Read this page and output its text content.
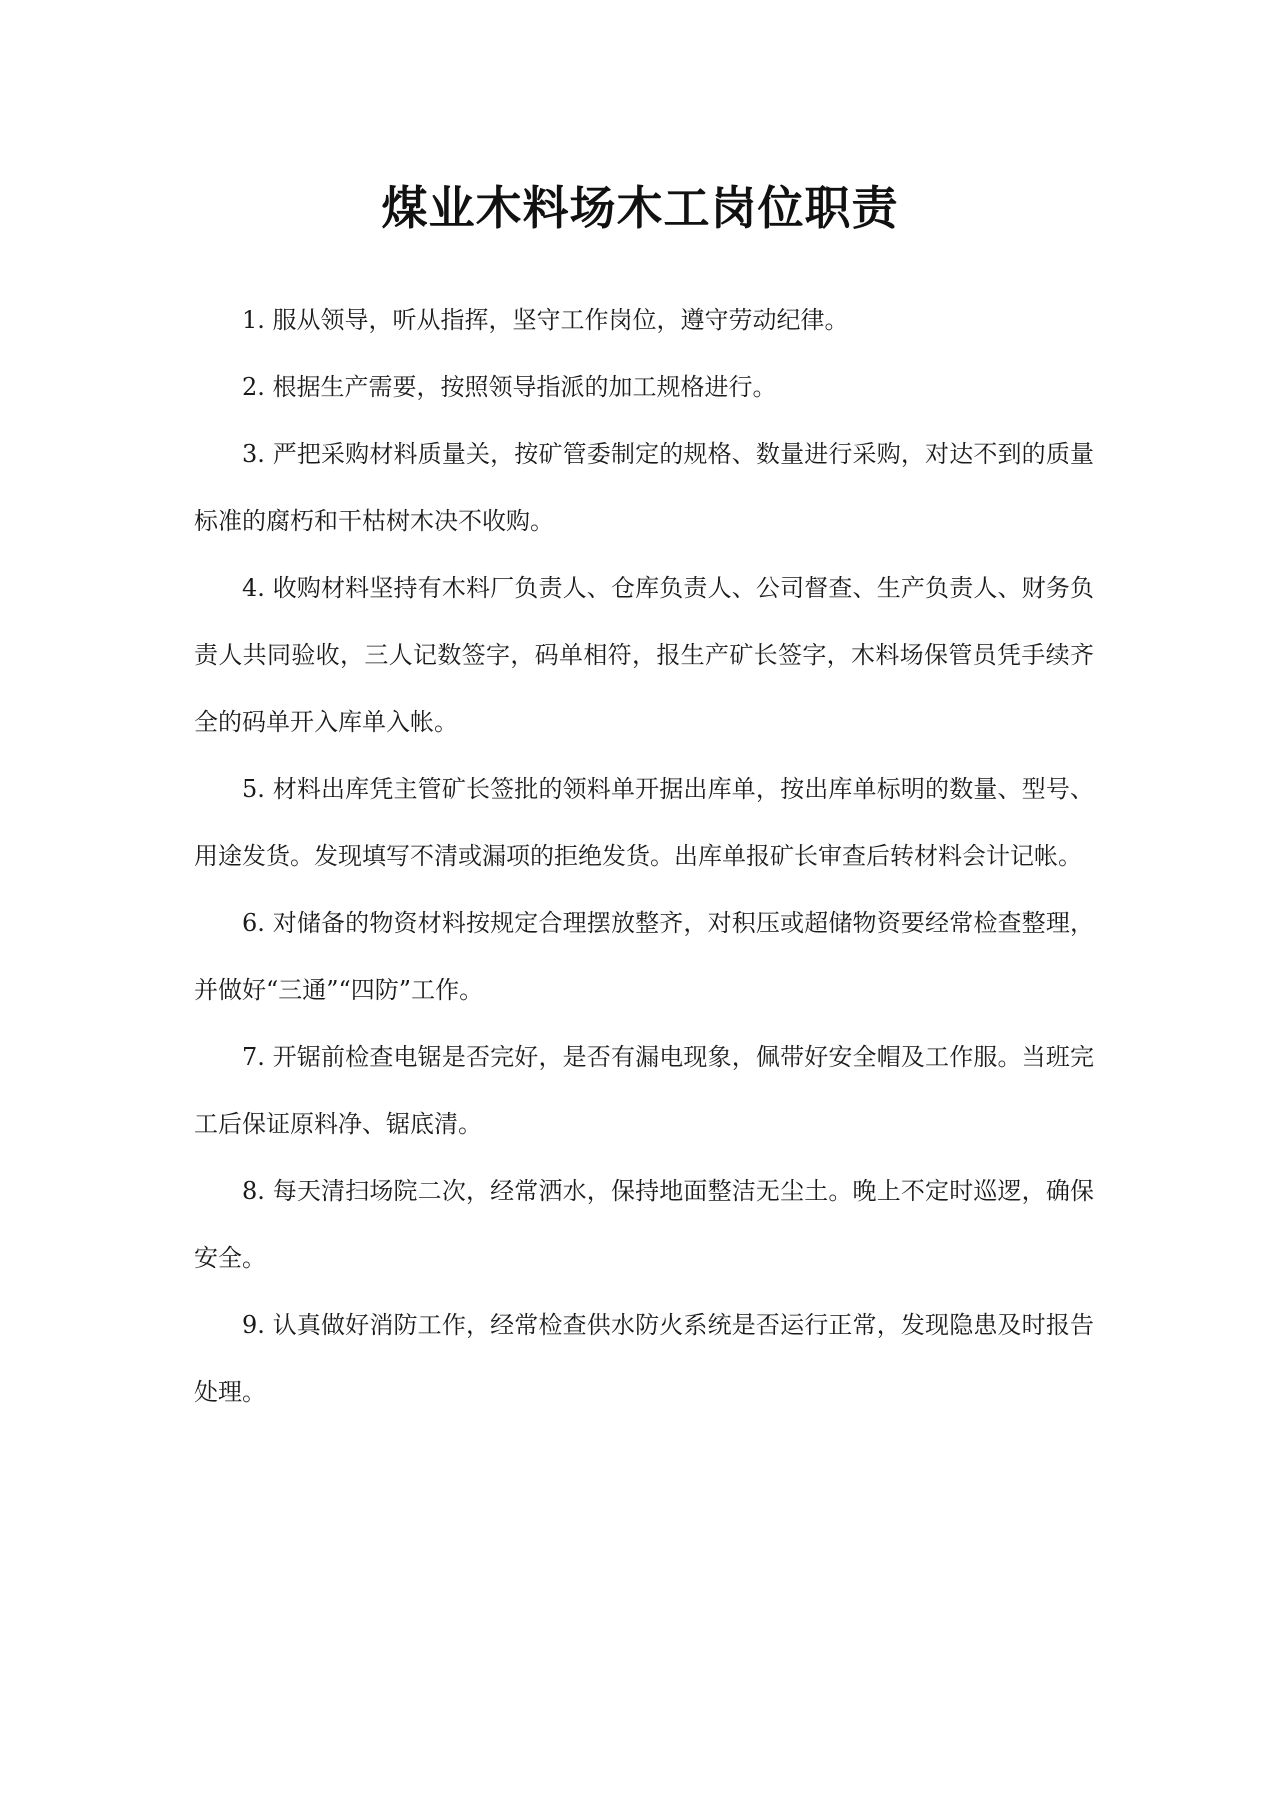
煤业木料场木工岗位职责

1. 服从领导，听从指挥，坚守工作岗位，遵守劳动纪律。

2. 根据生产需要，按照领导指派的加工规格进行。

3. 严把采购材料质量关，按矿管委制定的规格、数量进行采购，对达不到的质量标准的腐朽和干枯树木决不收购。

4. 收购材料坚持有木料厂负责人、仓库负责人、公司督查、生产负责人、财务负责人共同验收，三人记数签字，码单相符，报生产矿长签字，木料场保管员凭手续齐全的码单开入库单入帐。

5. 材料出库凭主管矿长签批的领料单开据出库单，按出库单标明的数量、型号、用途发货。发现填写不清或漏项的拒绝发货。出库单报矿长审查后转材料会计记帐。

6. 对储备的物资材料按规定合理摆放整齐，对积压或超储物资要经常检查整理，并做好“三通”“四防”工作。

7. 开锯前检查电锯是否完好，是否有漏电现象，佩带好安全帽及工作服。当班完工后保证原料净、锯底清。

8. 每天清扫场院二次，经常洒水，保持地面整洁无尘土。晚上不定时巡逻，确保安全。

9. 认真做好消防工作，经常检查供水防火系统是否运行正常，发现隐患及时报告处理。
